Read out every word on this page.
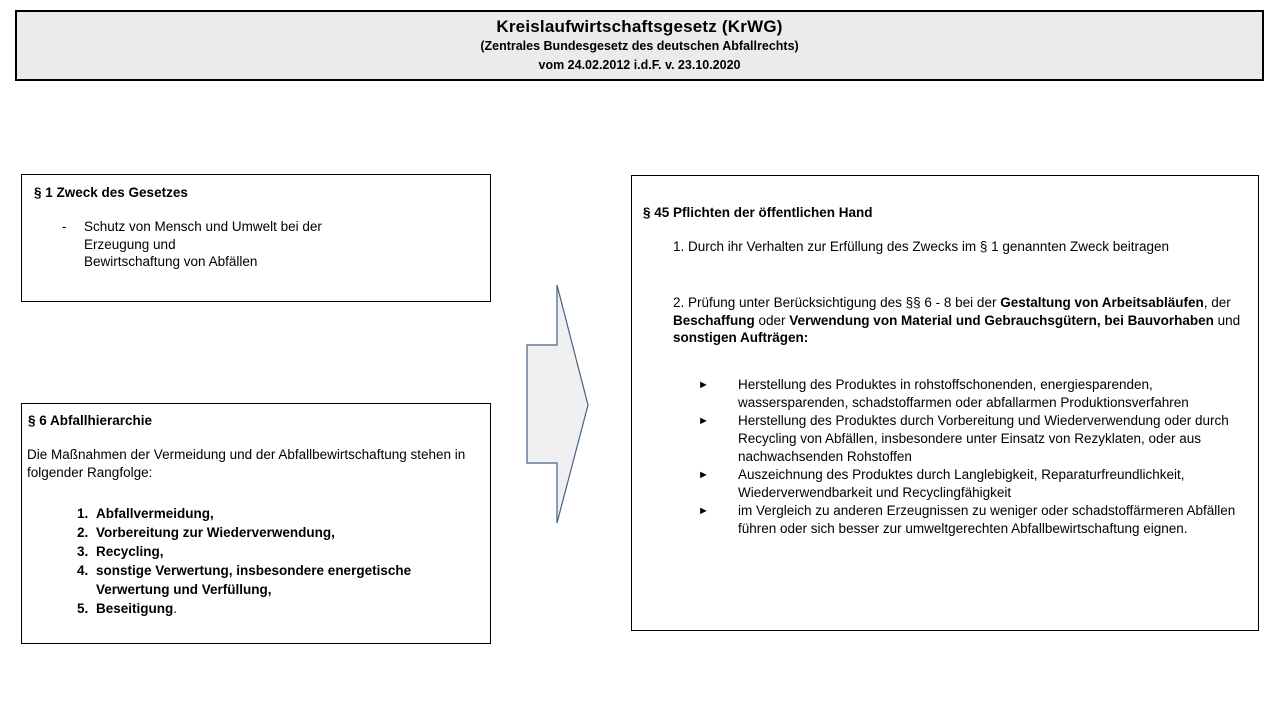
Kreislaufwirtschaftsgesetz (KrWG)
(Zentrales Bundesgesetz des deutschen Abfallrechts)
vom 24.02.2012 i.d.F. v. 23.10.2020
§ 1 Zweck des Gesetzes
-	Schutz von Mensch und Umwelt bei der
Erzeugung und
Bewirtschaftung von Abfällen
§ 6 Abfallhierarchie
Die Maßnahmen der Vermeidung und der Abfallbewirtschaftung stehen in folgender Rangfolge:
1. Abfallvermeidung,
2. Vorbereitung zur Wiederverwendung,
3. Recycling,
4. sonstige Verwertung, insbesondere energetische Verwertung und Verfüllung,
5. Beseitigung.
§ 45 Pflichten der öffentlichen Hand
1. Durch ihr Verhalten zur Erfüllung des Zwecks im § 1 genannten Zweck beitragen
2. Prüfung unter Berücksichtigung des §§ 6 - 8 bei der Gestaltung von Arbeitsabläufen, der Beschaffung oder Verwendung von Material und Gebrauchsgütern, bei Bauvorhaben und sonstigen Aufträgen:
►	Herstellung des Produktes in rohstoffschonenden, energiesparenden, wassersparenden, schadstoffarmen oder abfallarmen Produktionsverfahren
►	Herstellung des Produktes durch Vorbereitung und Wiederverwendung oder durch Recycling von Abfällen, insbesondere unter Einsatz von Rezyklaten, oder aus nachwachsenden Rohstoffen
►	Auszeichnung des Produktes durch Langlebigkeit, Reparaturfreundlichkeit, Wiederverwendbarkeit und Recyclingfähigkeit
►	im Vergleich zu anderen Erzeugnissen zu weniger oder schadstoffärmeren Abfällen führen oder sich besser zur umweltgerechten Abfallbewirtschaftung eignen.
